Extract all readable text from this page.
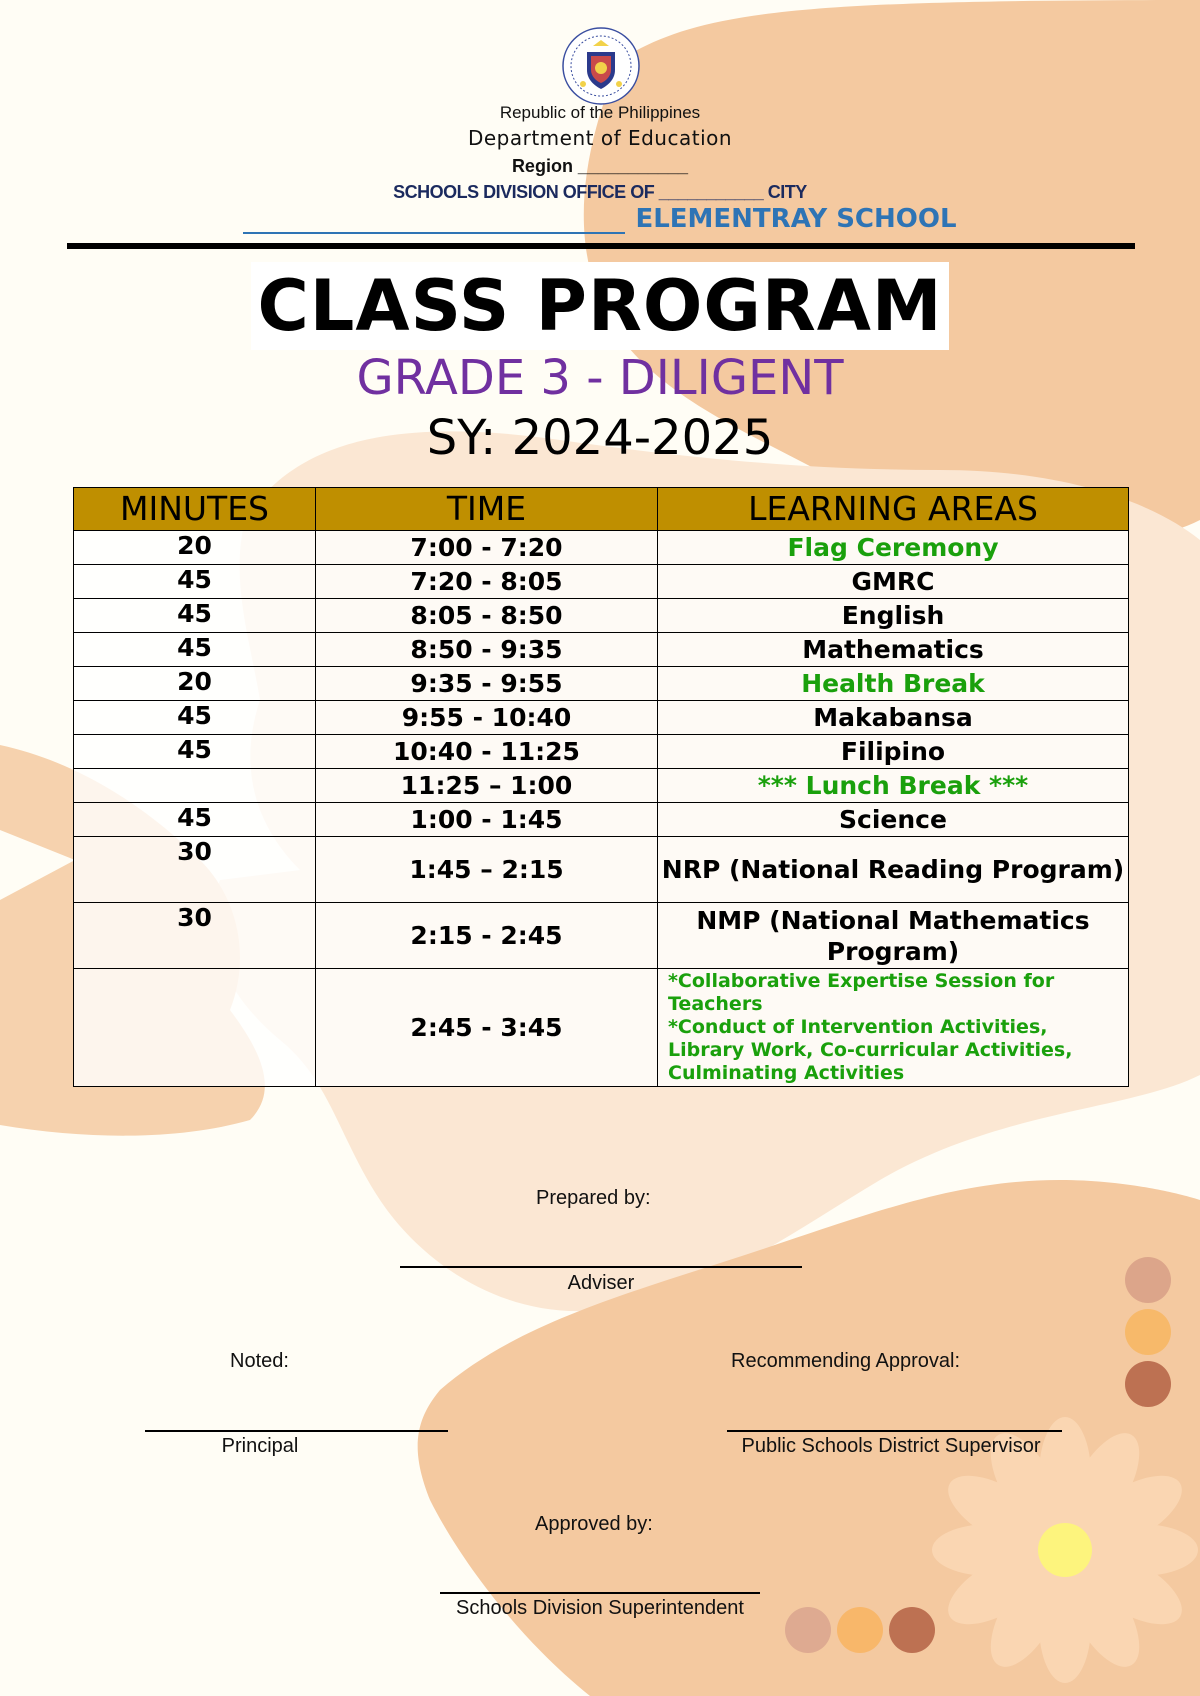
Republic of the Philippines
Department of Education
Region ___________
SCHOOLS DIVISION OFFICE OF ___________ CITY
ELEMENTRAY SCHOOL
CLASS PROGRAM
GRADE 3 - DILIGENT
SY: 2024-2025
MINUTES	TIME	LEARNING AREAS
20	7:00 - 7:20	Flag Ceremony
45	7:20 - 8:05	GMRC
45	8:05 - 8:50	English
45	8:50 - 9:35	Mathematics
20	9:35 - 9:55	Health Break
45	9:55 - 10:40	Makabansa
45	10:40 - 11:25	Filipino
	11:25 – 1:00	*** Lunch Break ***
45	1:00 - 1:45	Science
30	1:45 – 2:15	NRP (National Reading Program)
30	2:15 - 2:45	NMP (National Mathematics Program)
	2:45 - 3:45	*Collaborative Expertise Session for Teachers
*Conduct of Intervention Activities, Library Work, Co-curricular Activities, Culminating Activities
Prepared by:
Adviser
Noted:
Principal
Recommending Approval:
Public Schools District Supervisor
Approved by:
Schools Division Superintendent
